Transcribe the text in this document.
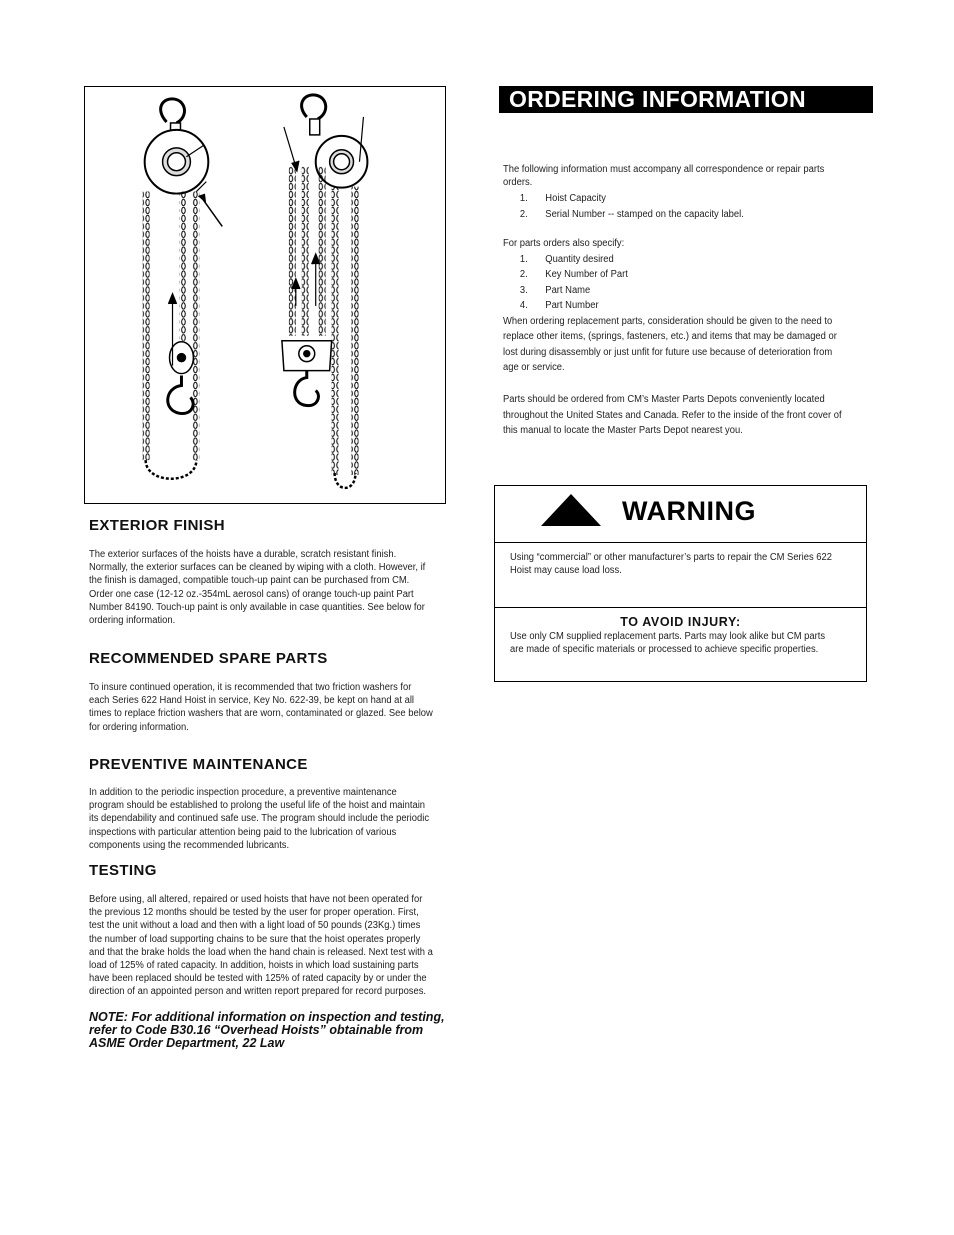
EXTERIOR FINISH

The exterior surfaces of the hoists have a durable, scratch resistant finish. Normally, the exterior surfaces can be cleaned by wiping with a cloth. However, if the finish is damaged, compatible touch-up paint can be purchased from CM. Order one case (12-12 oz.-354mL aerosol cans) of orange touch-up paint Part Number 84190. Touch-up paint is only available in case quantities. See below for ordering information.

RECOMMENDED SPARE PARTS

To insure continued operation, it is recommended that two friction washers for each Series 622 Hand Hoist in service, Key No. 622-39, be kept on hand at all times to replace friction washers that are worn, contaminated or glazed. See below for ordering information.

PREVENTIVE MAINTENANCE

In addition to the periodic inspection procedure, a preventive maintenance program should be established to prolong the useful life of the hoist and maintain its dependability and continued safe use. The program should include the periodic inspections with particular attention being paid to the lubrication of various components using the recommended lubricants.

TESTING

Before using, all altered, repaired or used hoists that have not been operated for the previous 12 months should be tested by the user for proper operation. First, test the unit without a load and then with a light load of 50 pounds (23Kg.) times the number of load supporting chains to be sure that the hoist operates properly and that the brake holds the load when the hand chain is released. Next test with a load of 125% of rated capacity. In addition, hoists in which load sustaining parts have been replaced should be tested with 125% of rated capacity by or under the direction of an appointed person and written report prepared for record purposes.

NOTE: For additional information on inspection and testing, refer to Code B30.16 “Overhead Hoists” obtainable from ASME Order Department, 22 Law

ORDERING INFORMATION

The following information must accompany all correspondence or repair parts orders.

1. Hoist Capacity
2. Serial Number -- stamped on the capacity label.

For parts orders also specify:

1. Quantity desired
2. Key Number of Part
3. Part Name
4. Part Number

When ordering replacement parts, consideration should be given to the need to replace other items, (springs, fasteners, etc.) and items that may be damaged or lost during disassembly or just unfit for future use because of deterioration from age or service.

Parts should be ordered from CM’s Master Parts Depots conveniently located throughout the United States and Canada. Refer to the inside of the front cover of this manual to locate the Master Parts Depot nearest you.

WARNING

Using “commercial” or other manufacturer’s parts to repair the CM Series 622 Hoist may cause load loss.

TO AVOID INJURY:

Use only CM supplied replacement parts. Parts may look alike but CM parts are made of specific materials or processed to achieve specific properties.
